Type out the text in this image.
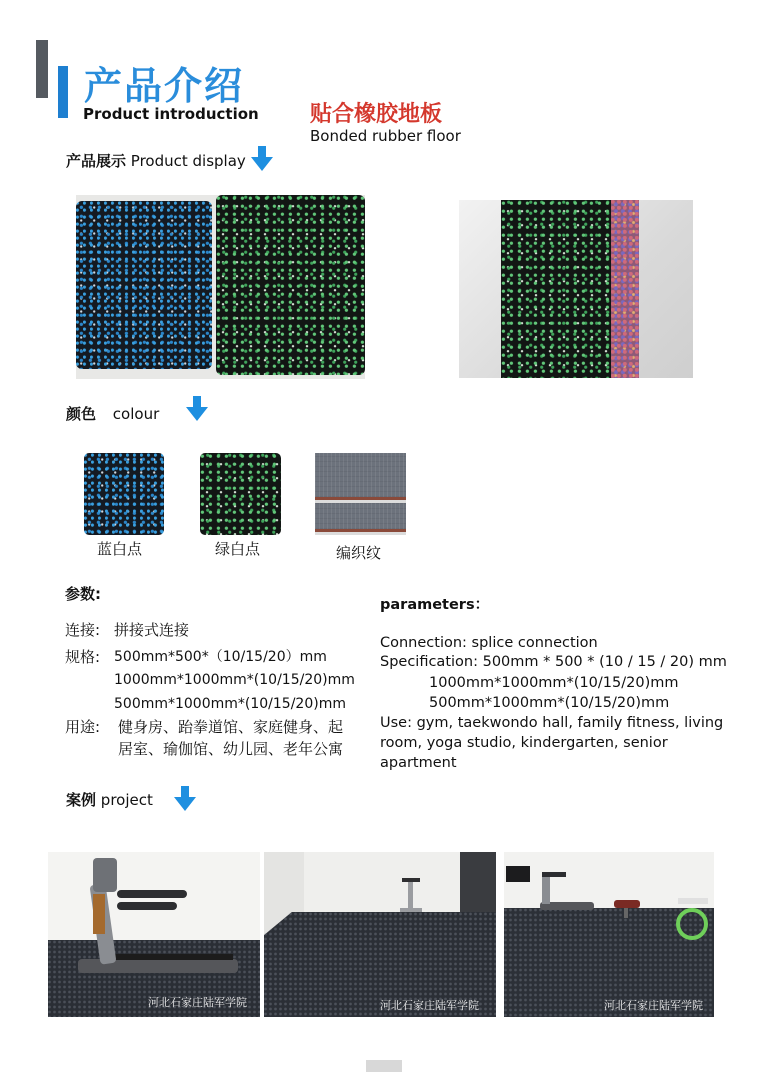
产品介绍
Product introduction 贴合橡胶地板
Bonded rubber floor
产品展示 Product display
颜色 colour
蓝白点	绿白点	编织纹
参数:
连接: 拼接式连接
规格: 500mm*500*（10/15/20）mm
1000mm*1000mm*(10/15/20)mm
500mm*1000mm*(10/15/20)mm
用途: 健身房、跆拳道馆、家庭健身、起
居室、瑜伽馆、幼儿园、老年公寓
parameters：
Connection: splice connection
Specification: 500mm * 500 * (10 / 15 / 20) mm
1000mm*1000mm*(10/15/20)mm
500mm*1000mm*(10/15/20)mm
Use: gym, taekwondo hall, family fitness, living
room, yoga studio, kindergarten, senior
apartment
案例 project
河北石家庄陆军学院	河北石家庄陆军学院	河北石家庄陆军学院
